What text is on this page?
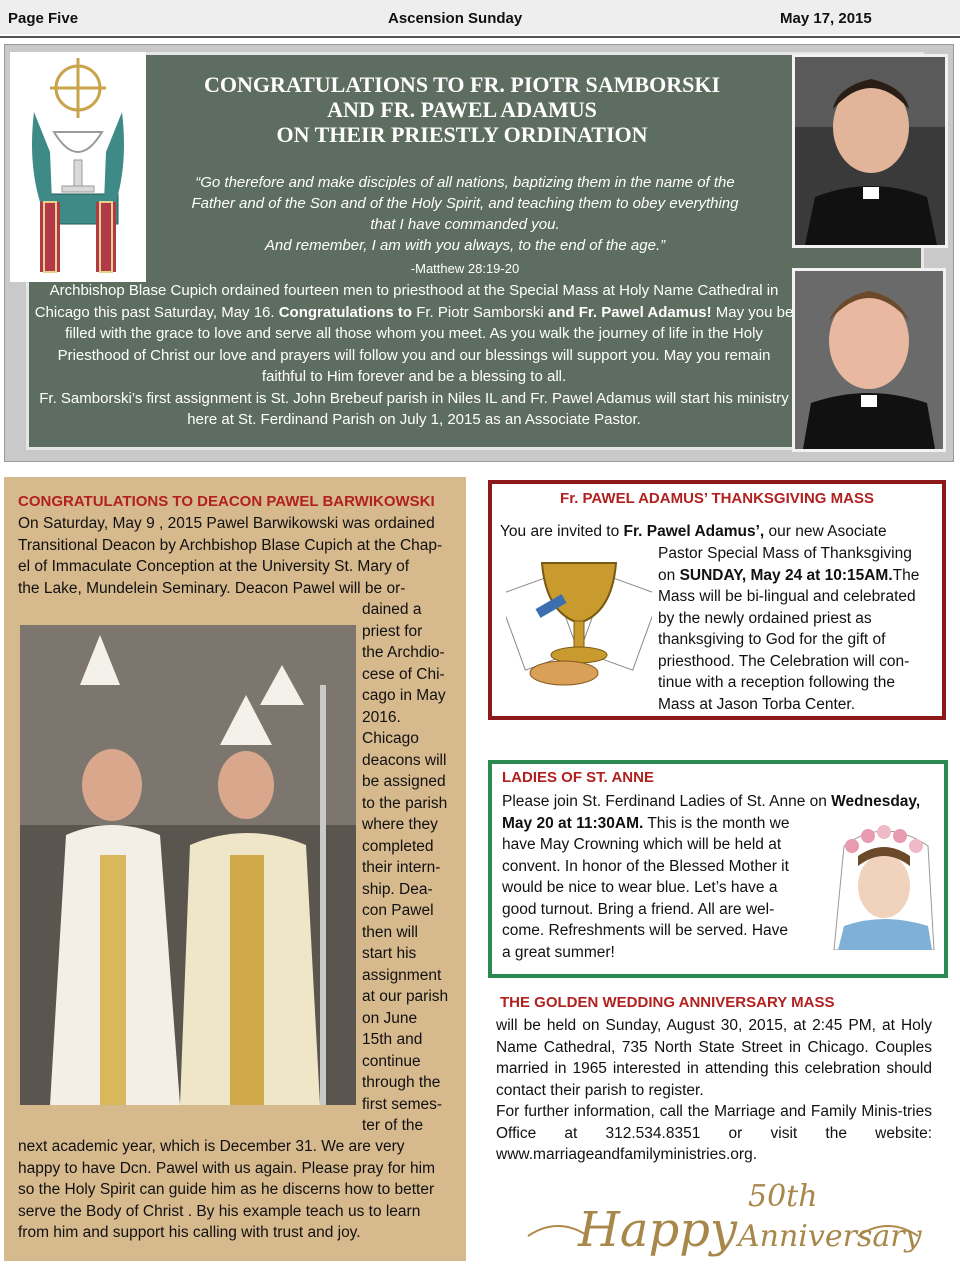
Page Five	Ascension Sunday	May 17, 2015
CONGRATULATIONS TO FR. PIOTR SAMBORSKI
AND FR. PAWEL ADAMUS
ON THEIR PRIESTLY ORDINATION
“Go therefore and make disciples of all nations, baptizing them in the name of the
Father and of the Son and of the Holy Spirit, and teaching them to obey everything
that I have commanded you.
And remember, I am with you always, to the end of the age.”
-Matthew 28:19-20
Archbishop Blase Cupich ordained fourteen men to priesthood at the Special Mass at Holy Name Cathedral in Chicago this past Saturday, May 16. Congratulations to Fr. Piotr Samborski and Fr. Pawel Adamus! May you be filled with the grace to love and serve all those whom you meet. As you walk the journey of life in the Holy Priesthood of Christ our love and prayers will follow you and our blessings will support you. May you remain faithful to Him forever and be a blessing to all.
Fr. Samborski’s first assignment is St. John Brebeuf parish in Niles IL and Fr. Pawel Adamus will start his ministry here at St. Ferdinand Parish on July 1, 2015 as an Associate Pastor.
CONGRATULATIONS TO DEACON PAWEL BARWIKOWSKI
On Saturday, May 9 , 2015 Pawel Barwikowski was ordained
Transitional Deacon by Archbishop Blase Cupich at the Chap-
el of Immaculate Conception at the University St. Mary of
the Lake, Mundelein Seminary. Deacon Pawel will be or-
dained a
priest for
the Archdio-
cese of Chi-
cago in May
2016.
Chicago
deacons will
be assigned
to the parish
where they
completed
their intern-
ship. Dea-
con Pawel
then will
start his
assignment
at our parish
on June
15th and
continue
through the
first semes-
ter of the
next academic year, which is December 31. We are very
happy to have Dcn. Pawel with us again. Please pray for him
so the Holy Spirit can guide him as he discerns how to better
serve the Body of Christ . By his example teach us to learn
from him and support his calling with trust and joy.
Fr. PAWEL ADAMUS’ THANKSGIVING MASS
You are invited to Fr. Pawel Adamus’, our new Asociate
Pastor Special Mass of Thanksgiving
on SUNDAY, May 24 at 10:15AM.The
Mass will be bi-lingual and celebrated
by the newly ordained priest as
thanksgiving to God for the gift of
priesthood. The Celebration will con-
tinue with a reception following the
Mass at Jason Torba Center.
LADIES OF ST. ANNE
Please join St. Ferdinand Ladies of St. Anne on Wednesday,
May 20 at 11:30AM. This is the month we
have May Crowning which will be held at
convent. In honor of the Blessed Mother it
would be nice to wear blue. Let’s have a
good turnout. Bring a friend. All are wel-
come. Refreshments will be served. Have
a great summer!
THE GOLDEN WEDDING ANNIVERSARY MASS
will be held on Sunday, August 30, 2015, at 2:45 PM, at Holy Name Cathedral, 735 North State Street in Chicago. Couples married in 1965 interested in attending this celebration should contact their parish to register.
For further information, call the Marriage and Family Minis-tries Office at 312.534.8351 or visit the website: www.marriageandfamilyministries.org.
Happy
50th
Anniversary
